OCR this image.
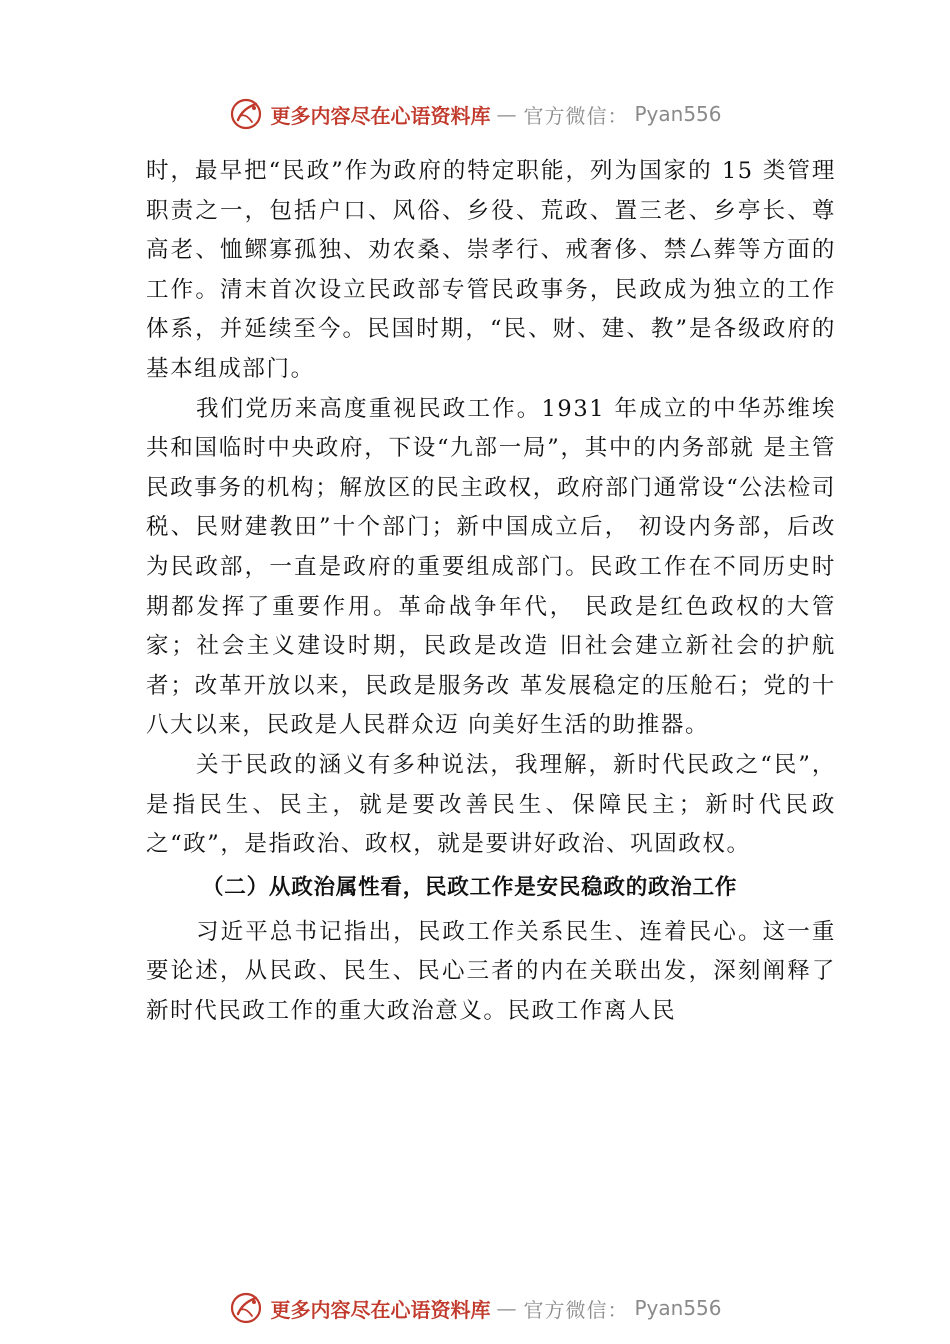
更多内容尽在心语资料库 — 官方微信： Pyan556

时，最早把“民政”作为政府的特定职能，列为国家的 15 类管理职责之一，包括户口、风俗、乡役、荒政、置三老、乡亭长、尊高老、恤鳏寡孤独、劝农桑、崇孝行、戒奢侈、禁厶葬等方面的工作。清末首次设立民政部专管民政事务，民政成为独立的工作体系，并延续至今。民国时期，“民、财、建、教”是各级政府的基本组成部门。

我们党历来高度重视民政工作。1931 年成立的中华苏维埃共和国临时中央政府，下设“九部一局”，其中的内务部就 是主管民政事务的机构；解放区的民主政权，政府部门通常设“公法检司税、民财建教田”十个部门；新中国成立后， 初设内务部，后改为民政部，一直是政府的重要组成部门。民政工作在不同历史时期都发挥了重要作用。革命战争年代， 民政是红色政权的大管家；社会主义建设时期，民政是改造 旧社会建立新社会的护航者；改革开放以来，民政是服务改 革发展稳定的压舱石；党的十八大以来，民政是人民群众迈 向美好生活的助推器。

关于民政的涵义有多种说法，我理解，新时代民政之“民”，是指民生、民主，就是要改善民生、保障民主；新时代民政之“政”，是指政治、政权，就是要讲好政治、巩固政权。

（二）从政治属性看，民政工作是安民稳政的政治工作

习近平总书记指出，民政工作关系民生、连着民心。这一重要论述，从民政、民生、民心三者的内在关联出发，深刻阐释了新时代民政工作的重大政治意义。民政工作离人民

更多内容尽在心语资料库 — 官方微信： Pyan556
